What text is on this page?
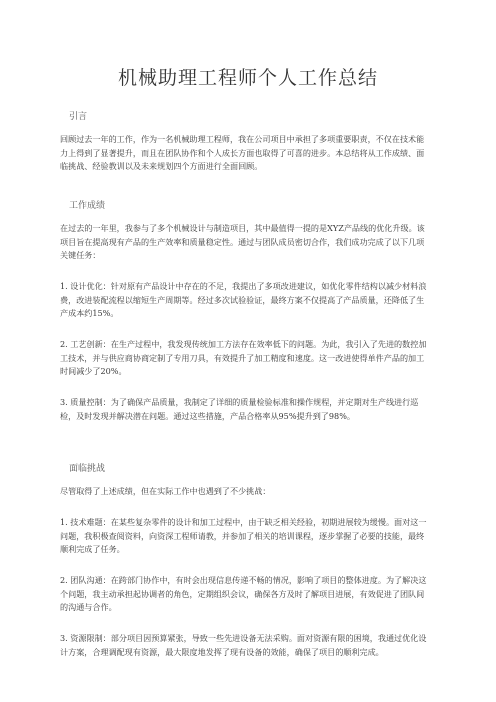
机械助理工程师个人工作总结
引言
回顾过去一年的工作，作为一名机械助理工程师，我在公司项目中承担了多项重要职责，不仅在技术能力上得到了显著提升，而且在团队协作和个人成长方面也取得了可喜的进步。本总结将从工作成绩、面临挑战、经验教训以及未来规划四个方面进行全面回顾。
工作成绩
在过去的一年里，我参与了多个机械设计与制造项目，其中最值得一提的是XYZ产品线的优化升级。该项目旨在提高现有产品的生产效率和质量稳定性。通过与团队成员密切合作，我们成功完成了以下几项关键任务：
1. 设计优化：针对原有产品设计中存在的不足，我提出了多项改进建议，如优化零件结构以减少材料浪费，改进装配流程以缩短生产周期等。经过多次试验验证，最终方案不仅提高了产品质量，还降低了生产成本约15%。
2. 工艺创新：在生产过程中，我发现传统加工方法存在效率低下的问题。为此，我引入了先进的数控加工技术，并与供应商协商定制了专用刀具，有效提升了加工精度和速度。这一改进使得单件产品的加工时间减少了20%。
3. 质量控制：为了确保产品质量，我制定了详细的质量检验标准和操作规程，并定期对生产线进行巡检，及时发现并解决潜在问题。通过这些措施，产品合格率从95%提升到了98%。
面临挑战
尽管取得了上述成绩，但在实际工作中也遇到了不少挑战：
1. 技术难题：在某些复杂零件的设计和加工过程中，由于缺乏相关经验，初期进展较为缓慢。面对这一问题，我积极查阅资料，向资深工程师请教，并参加了相关的培训课程，逐步掌握了必要的技能，最终顺利完成了任务。
2. 团队沟通：在跨部门协作中，有时会出现信息传递不畅的情况，影响了项目的整体进度。为了解决这个问题，我主动承担起协调者的角色，定期组织会议，确保各方及时了解项目进展，有效促进了团队间的沟通与合作。
3. 资源限制：部分项目因预算紧张，导致一些先进设备无法采购。面对资源有限的困境，我通过优化设计方案，合理调配现有资源，最大限度地发挥了现有设备的效能，确保了项目的顺利完成。
